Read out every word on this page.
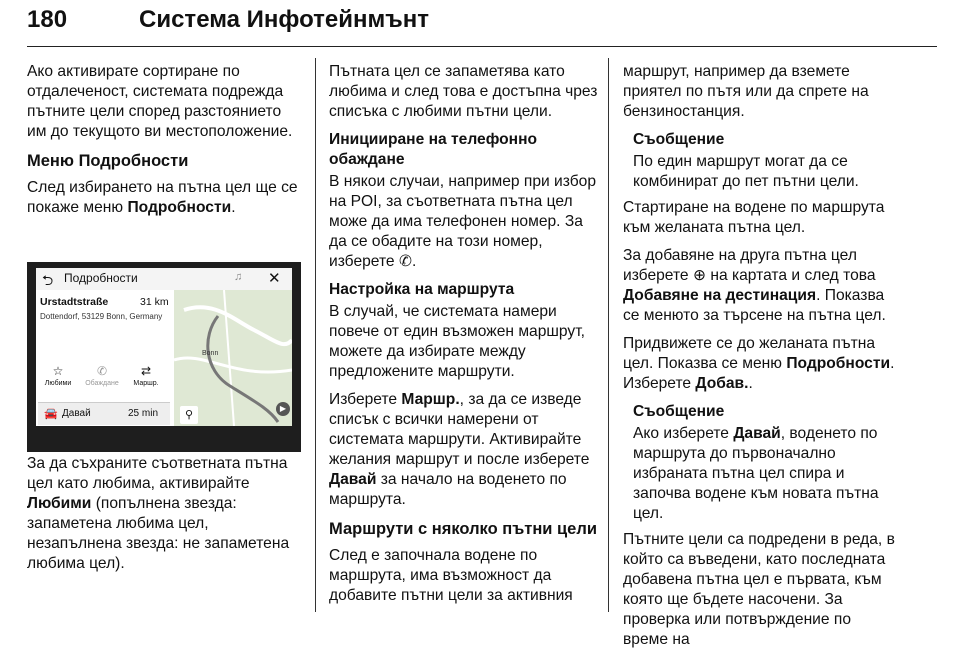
180	Система Инфотейнмънт

Ако активирате сортиране по отдалеченост, системата подрежда пътните цели според разстоянието им до текущото ви местоположение.

Меню Подробности

След избирането на пътна цел ще се покаже меню Подробности.

За да съхраните съответната пътна цел като любима, активирайте Любими (попълнена звезда: запаметена любима цел, незапълнена звезда: не запаметена любима цел).

⮌ Подробности	♫ ✕
Urstadtstraße	31 km
Dottendorf, 53129 Bonn, Germany
☆
Любими
✆
Обаждане
⇄
Маршр.
🚘 Давай	25 min
Bonn
⚲
▶

Пътната цел се запаметява като любима и след това е достъпна чрез списъка с любими пътни цели.

Иницииране на телефонно обаждане

В някои случаи, например при избор на POI, за съответната пътна цел може да има телефонен номер. За да се обадите на този номер, изберете ✆.

Настройка на маршрута

В случай, че системата намери повече от един възможен маршрут, можете да избирате между предложените маршрути.

Изберете Маршр., за да се изведе списък с всички намерени от системата маршрути. Активирайте желания маршрут и после изберете Давай за начало на воденето по маршрута.

Маршрути с няколко пътни цели

След е започнала водене по маршрута, има възможност да добавите пътни цели за активния

маршрут, например да вземете приятел по пътя или да спрете на бензиностанция.

Съобщение
По един маршрут могат да се комбинират до пет пътни цели.

Стартиране на водене по маршрута към желаната пътна цел.

За добавяне на друга пътна цел изберете ⊕ на картата и след това Добавяне на дестинация. Показва се менюто за търсене на пътна цел.

Придвижете се до желаната пътна цел. Показва се меню Подробности. Изберете Добав..

Съобщение
Ако изберете Давай, воденето по маршрута до първоначално избраната пътна цел спира и започва водене към новата пътна цел.

Пътните цели са подредени в реда, в който са въведени, като последната добавена пътна цел е първата, към която ще бъдете насочени. За проверка или потвърждение по време на
